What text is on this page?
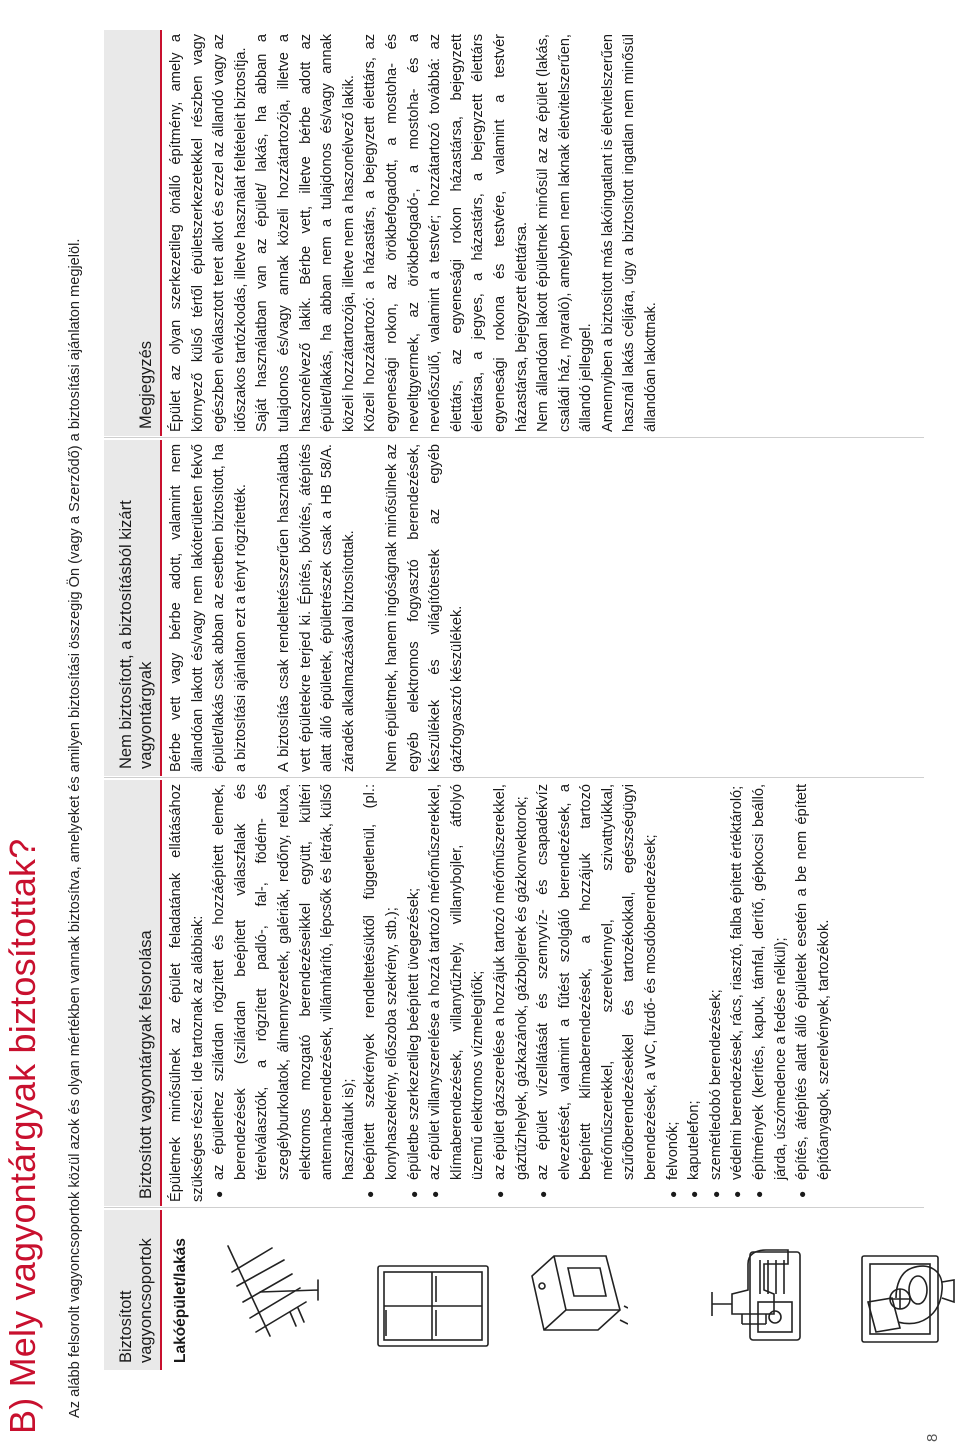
8
B) Mely vagyontárgyak biztosítottak? Az alább felsorolt vagyoncsoportok közül azok és olyan mértékben vannak biztosítva, amelyeket és amilyen biztosítási összegig Ön (vagy a Szerződő) a biztosítási ajánlaton megjelöl. Biztosított vagyoncsoportok
Biztosított vagyontárgyak felsorolása
Nem biztosított, a biztosításból kizárt vagyontárgyak
Megjegyzés
Lakóépület/lakás

Épületnek minősülnek az épület feladatának ellátásához szükséges részei. Ide tartoznak az alábbiak: ● az épülethez szilárdan rögzített és hozzáépített elemek, berendezések (szilárdan beépített válaszfalak és térelválasztók, a rögzített padló-, fal-, födém- és szegélyburkolatok, álmennyezetek, galériák, redőny, reluxa, elektromos mozgató berendezéseikkel együtt, kültéri antenna-berendezések, villámhárító, lépcsők és létrák, külső használatuk is); ● beépített szekrények rendeltetésüktől függetlenül, (pl.: konyhaszekrény, előszoba szekrény, stb.); ● épületbe szerkezetileg beépített üvegezések; ● az épület villanyszerelése a hozzá tartozó mérőműszerekkel, klímaberendezések, villanytűzhely, villanybojler, átfolyó üzemű elektromos vízmelegítők; ● az épület gázszerelése a hozzájuk tartozó mérőműszerekkel, gáztűzhelyek, gázkazánok, gázbojlerek és gázkonvektorok; ● az épület vízellátását és szennyvíz- és csapadékvíz elvezetését, valamint a fűtést szolgáló berendezések, a beépített klímaberendezések, a hozzájuk tartozó mérőműszerekkel, szerelvénnyel, szivattyúkkal, szűrőberendezésekkel és tartozékokkal, egészségügyi berendezések, a WC, fürdő- és mosdóberendezések; ● felvonók; ● kaputelefon; ● szemétledobó berendezések; ● védelmi berendezések, rács, riasztó, falba épített értéktároló; ● építmények (kerítés, kapuk, támfal, derítő, gépkocsi beálló, járda, úszómedence a fedése nélkül); ● építés, átépítés alatt álló épületek esetén a be nem épített építőanyagok, szerelvények, tartozékok.

Bérbe vett vagy bérbe adott, valamint nem állandóan lakott és/vagy nem lakóterületen fekvő épület/lakás csak abban az esetben biztosított, ha a biztosítási ajánlaton ezt a tényt rögzítették. A biztosítás csak rendeltetésszerűen használatba vett épületekre terjed ki. Építés, bővítés, átépítés alatt álló épületek, épületrészek csak a HB 58/A. záradék alkalmazásával biztosítottak. Nem épületnek, hanem ingóságnak minősülnek az egyéb elektromos fogyasztó berendezések, készülékek és világítótestek az egyéb gázfogyasztó készülékek.

Épület az olyan szerkezetileg önálló építmény, amely a környező külső tértől épületszerkezetekkel részben vagy egészben elválasztott teret alkot és ezzel az állandó vagy az időszakos tartózkodás, illetve használat feltételeit biztosítja. Saját használatban van az épület/ lakás, ha abban a tulajdonos és/vagy annak közeli hozzátartozója, illetve a haszonélvező lakik. Bérbe vett, illetve bérbe adott az épület/lakás, ha abban nem a tulajdonos és/vagy annak közeli hozzátartozója, illetve nem a haszonélvező lakik. Közeli hozzátartozó: a házastárs, a bejegyzett élettárs, az egyenesági rokon, az örökbefogadott, a mostoha- és neveltgyermek, az örökbefogadó-, a mostoha- és a nevelőszülő, valamint a testvér; hozzátartozó továbbá: az élettárs, az egyenesági rokon házastársa, bejegyzett élettársa, a jegyes, a házastárs, a bejegyzett élettárs egyenesági rokona és testvére, valamint a testvér házastársa, bejegyzett élettársa. Nem állandóan lakott épületnek minősül az az épület (lakás, családi ház, nyaraló), amelyben nem laknak életvitelszerűen, állandó jelleggel. Amennyiben a biztosított más lakóingatlant is életvitelszerűen használ lakás céljára, úgy a biztosított ingatlan nem minősül állandóan lakottnak.
